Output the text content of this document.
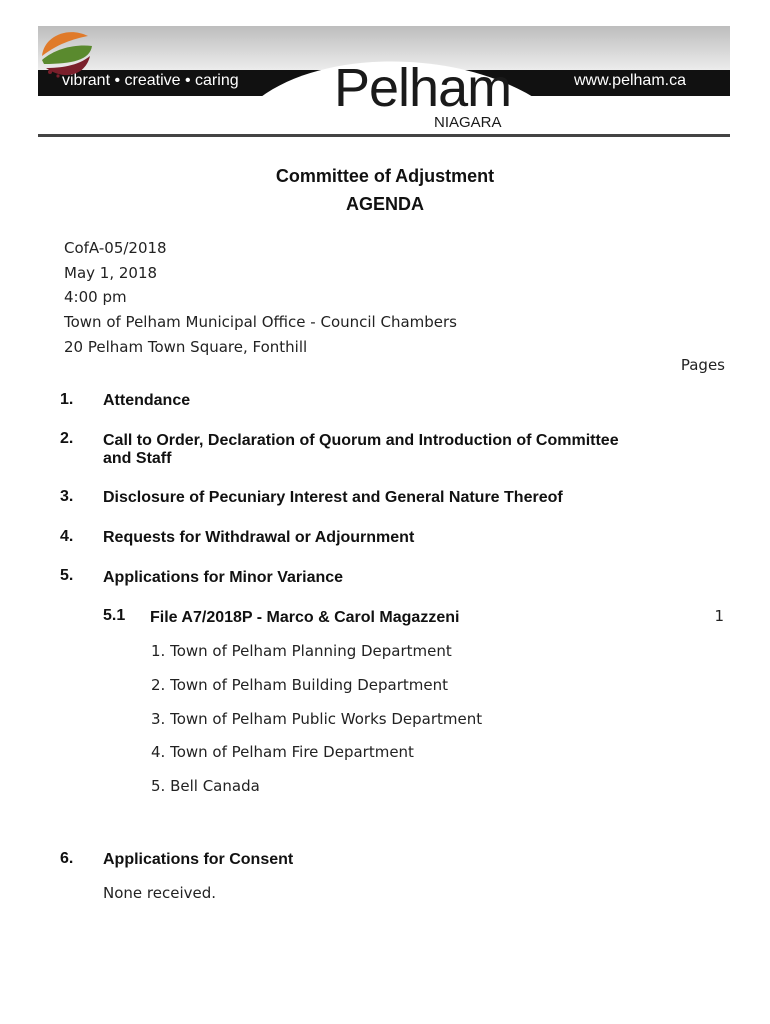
vibrant • creative • caring	www.pelham.ca
Pelham
NIAGARA
Committee of Adjustment
AGENDA
CofA-05/2018
May 1, 2018
4:00 pm
Town of Pelham Municipal Office - Council Chambers
20 Pelham Town Square, Fonthill
Pages
1. Attendance
2. Call to Order, Declaration of Quorum and Introduction of Committee and Staff
3. Disclosure of Pecuniary Interest and General Nature Thereof
4. Requests for Withdrawal or Adjournment
5. Applications for Minor Variance
5.1 File A7/2018P - Marco & Carol Magazzeni	1
1. Town of Pelham Planning Department
2. Town of Pelham Building Department
3. Town of Pelham Public Works Department
4. Town of Pelham Fire Department
5. Bell Canada
6. Applications for Consent
None received.
